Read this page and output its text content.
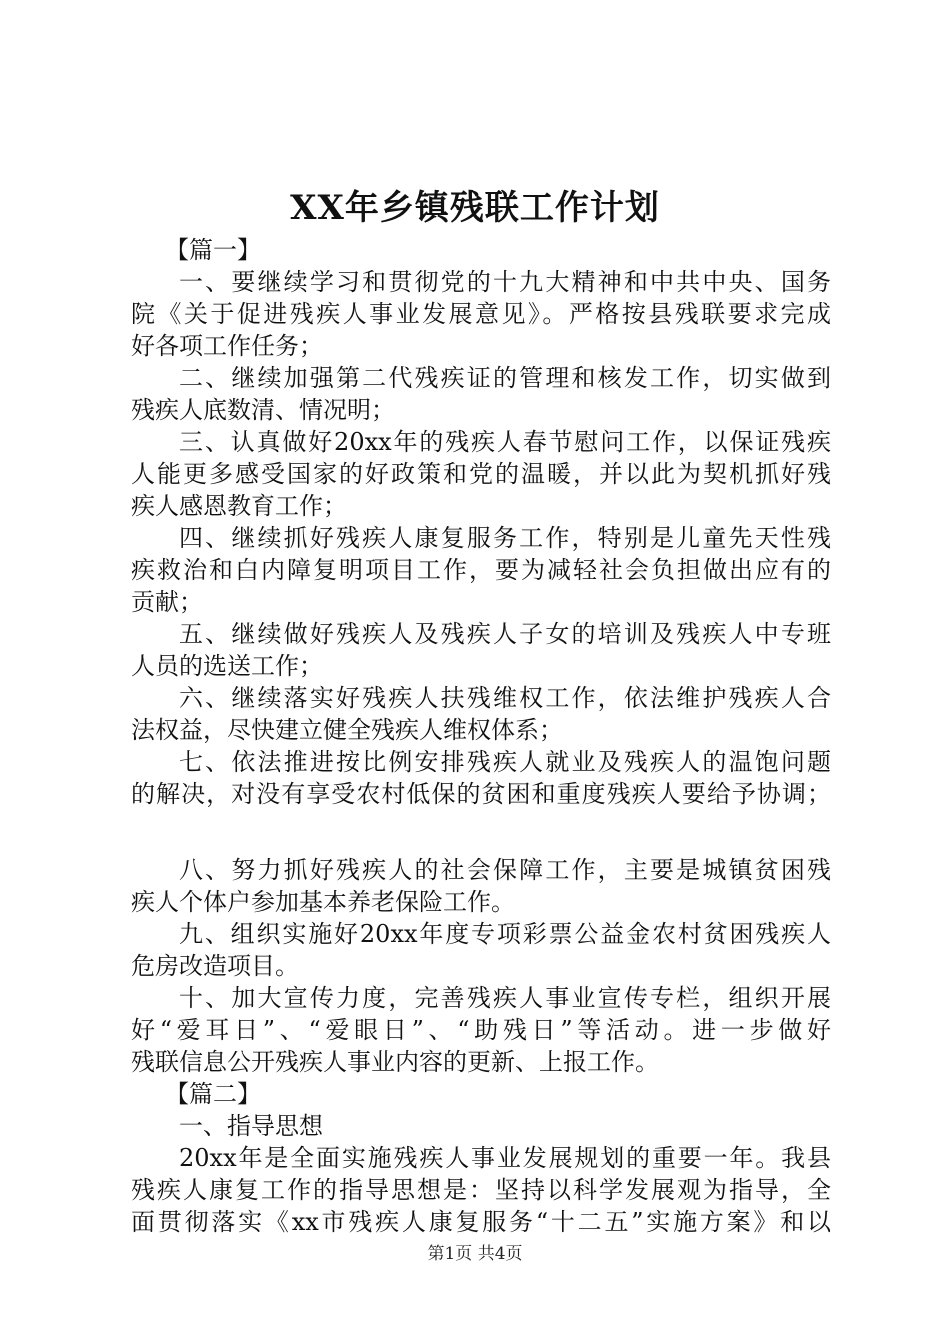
XX年乡镇残联工作计划
【篇一】
一、要继续学习和贯彻党的十九大精神和中共中央、国务
院《关于促进残疾人事业发展意见》。严格按县残联要求完成
好各项工作任务；
二、继续加强第二代残疾证的管理和核发工作，切实做到
残疾人底数清、情况明；
三、认真做好20xx年的残疾人春节慰问工作，以保证残疾
人能更多感受国家的好政策和党的温暖，并以此为契机抓好残
疾人感恩教育工作；
四、继续抓好残疾人康复服务工作，特别是儿童先天性残
疾救治和白内障复明项目工作，要为减轻社会负担做出应有的
贡献；
五、继续做好残疾人及残疾人子女的培训及残疾人中专班
人员的选送工作；
六、继续落实好残疾人扶残维权工作，依法维护残疾人合
法权益，尽快建立健全残疾人维权体系；
七、依法推进按比例安排残疾人就业及残疾人的温饱问题
的解决，对没有享受农村低保的贫困和重度残疾人要给予协调；
八、努力抓好残疾人的社会保障工作，主要是城镇贫困残
疾人个体户参加基本养老保险工作。
九、组织实施好20xx年度专项彩票公益金农村贫困残疾人
危房改造项目。
十、加大宣传力度，完善残疾人事业宣传专栏，组织开展
好“爱耳日”、“爱眼日”、“助残日”等活动。进一步做好
残联信息公开残疾人事业内容的更新、上报工作。
【篇二】
一、指导思想
20xx年是全面实施残疾人事业发展规划的重要一年。我县
残疾人康复工作的指导思想是：坚持以科学发展观为指导，全
面贯彻落实《xx市残疾人康复服务“十二五”实施方案》和以
第1页 共4页
